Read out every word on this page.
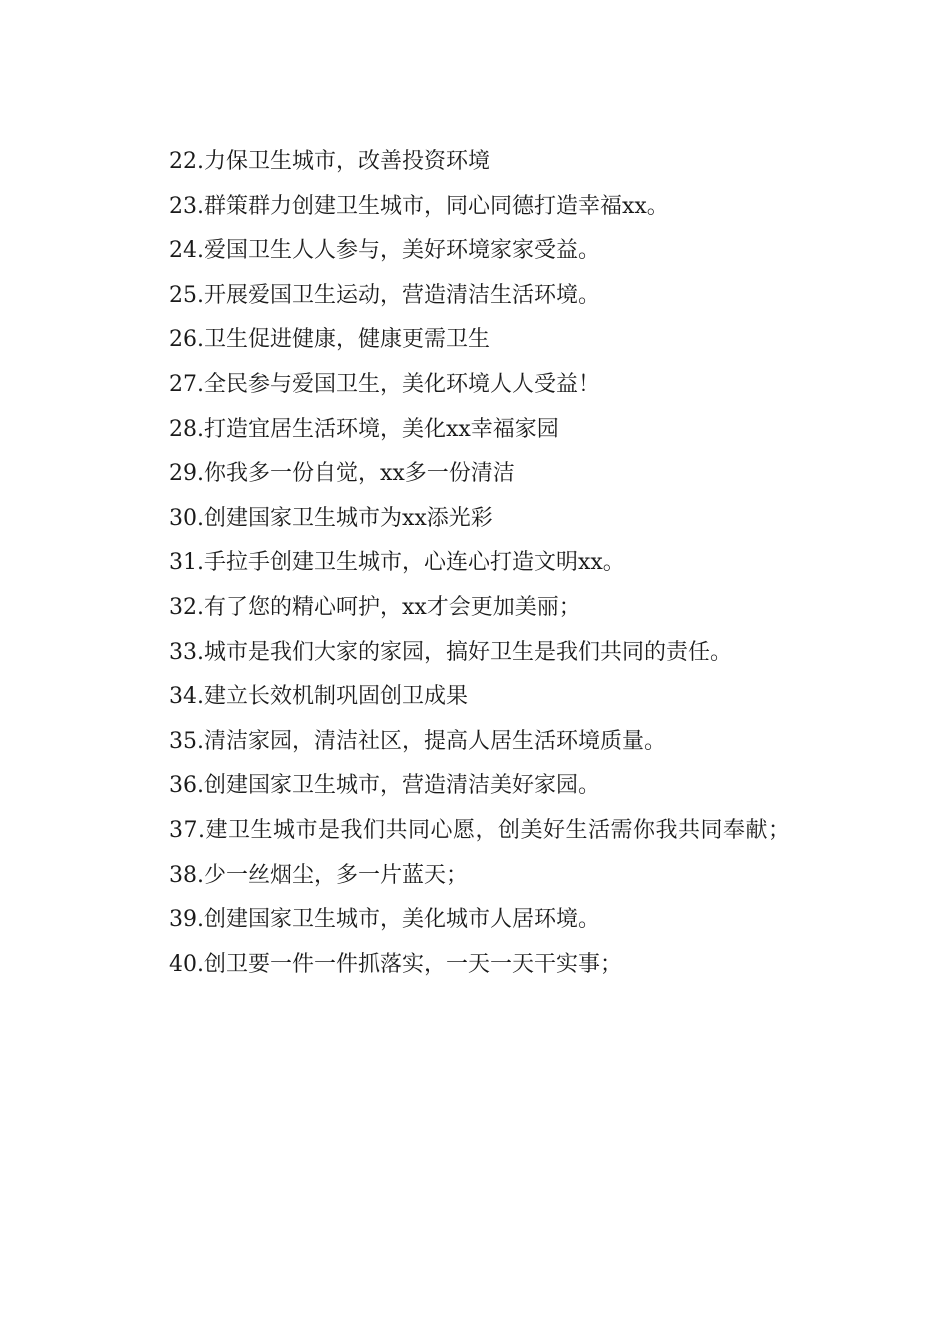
22.力保卫生城市，改善投资环境
23.群策群力创建卫生城市，同心同德打造幸福xx。
24.爱国卫生人人参与，美好环境家家受益。
25.开展爱国卫生运动，营造清洁生活环境。
26.卫生促进健康，健康更需卫生
27.全民参与爱国卫生，美化环境人人受益！
28.打造宜居生活环境，美化xx幸福家园
29.你我多一份自觉，xx多一份清洁
30.创建国家卫生城市为xx添光彩
31.手拉手创建卫生城市，心连心打造文明xx。
32.有了您的精心呵护，xx才会更加美丽；
33.城市是我们大家的家园，搞好卫生是我们共同的责任。
34.建立长效机制巩固创卫成果
35.清洁家园，清洁社区，提高人居生活环境质量。
36.创建国家卫生城市，营造清洁美好家园。
37.建卫生城市是我们共同心愿，创美好生活需你我共同奉献；
38.少一丝烟尘，多一片蓝天；
39.创建国家卫生城市，美化城市人居环境。
40.创卫要一件一件抓落实，一天一天干实事；
